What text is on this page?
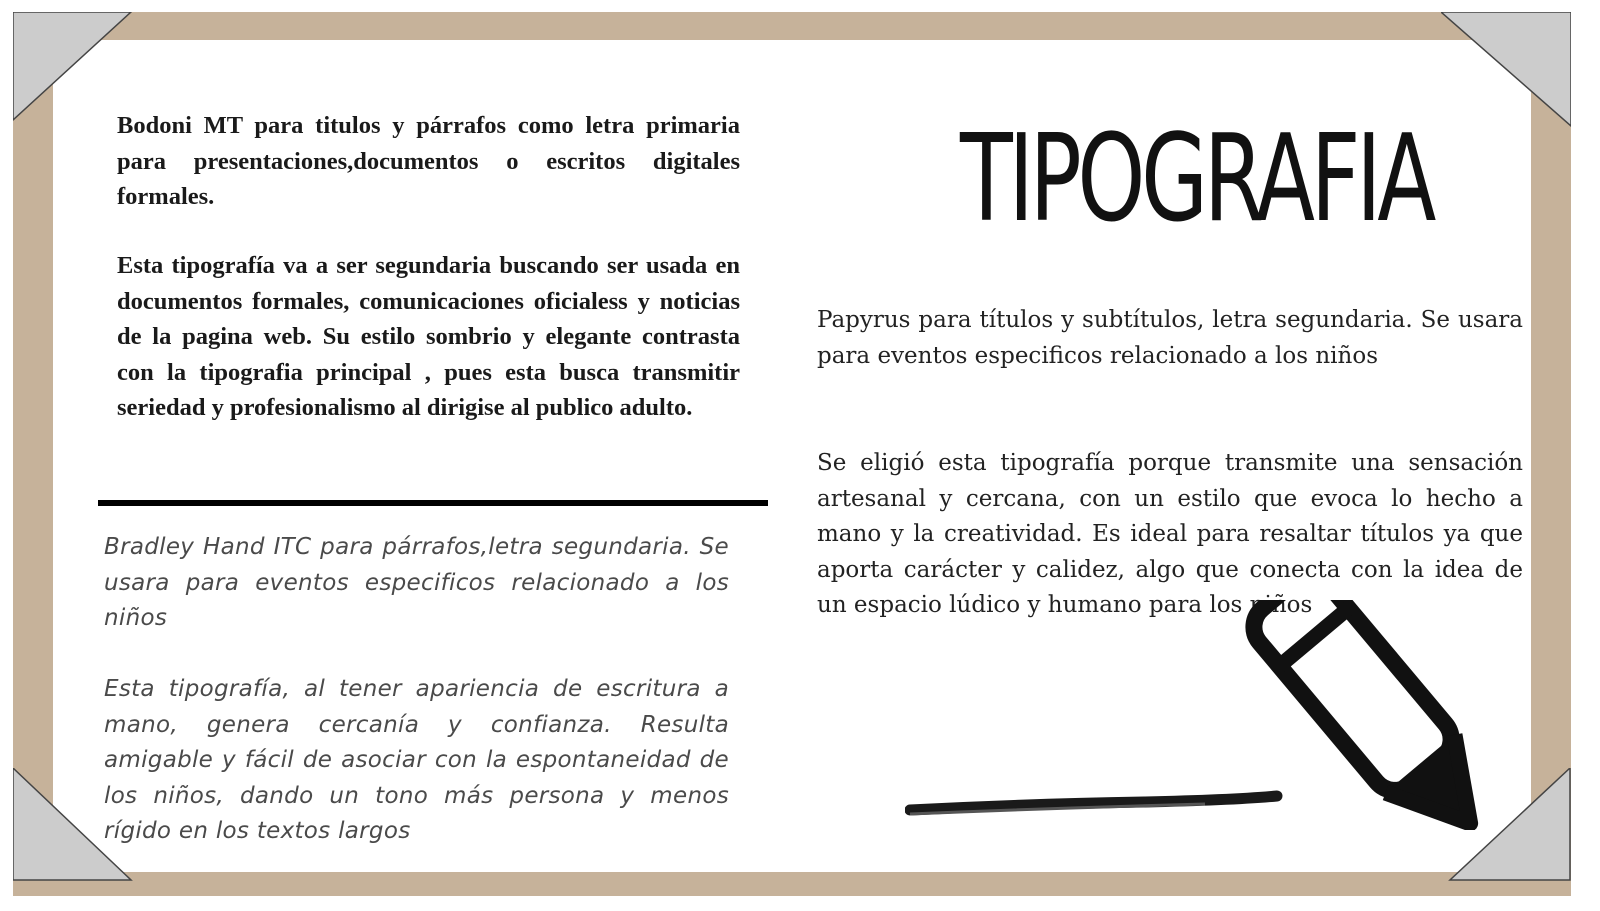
Bodoni MT para titulos y párrafos como letra primaria para presentaciones,documentos o escritos digitales formales.

Esta tipografía va a ser segundaria buscando ser usada en documentos formales, comunicaciones oficialess y noticias de la pagina web. Su estilo sombrio y elegante contrasta con la tipografia principal , pues esta busca transmitir seriedad y profesionalismo al dirigise al publico adulto.

Bradley Hand ITC para párrafos,letra segundaria. Se usara para eventos especificos relacionado a los niños

Esta tipografía, al tener apariencia de escritura a mano, genera cercanía y confianza. Resulta amigable y fácil de asociar con la espontaneidad de los niños, dando un tono más persona y menos rígido en los textos largos

TIPOGRAFIA

Papyrus para títulos y subtítulos, letra segundaria. Se usara para eventos especificos relacionado a los niños

Se eligió esta tipografía porque transmite una sensación artesanal y cercana, con un estilo que evoca lo hecho a mano y la creatividad. Es ideal para resaltar títulos ya que aporta carácter y calidez, algo que conecta con la idea de un espacio lúdico y humano para los niños
